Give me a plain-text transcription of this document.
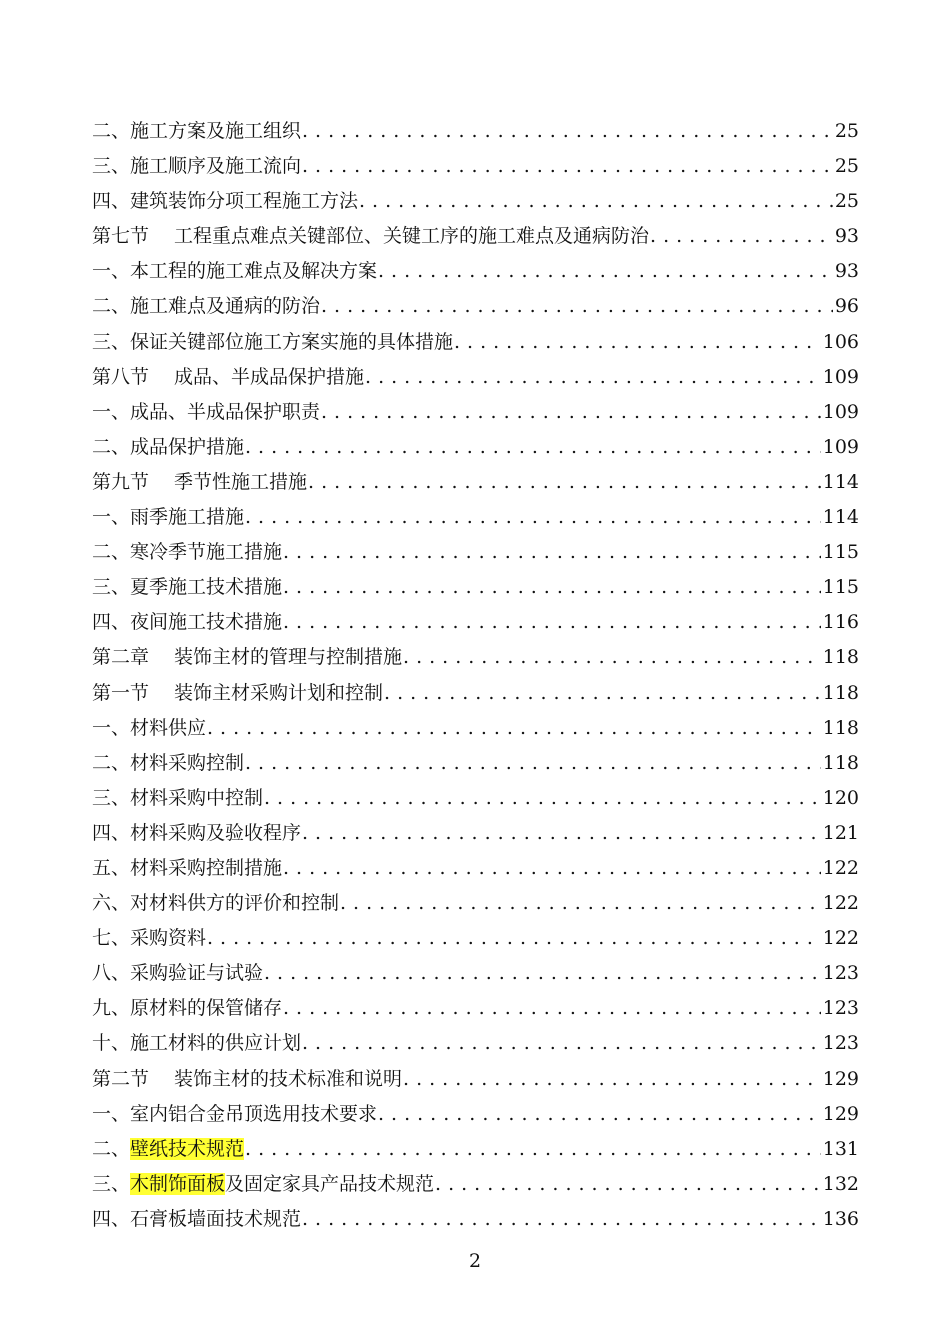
二、施工方案及施工组织 .....	25
三、施工顺序及施工流向 .....	25
四、建筑装饰分项工程施工方法 .....	25
第七节 工程重点难点关键部位、关键工序的施工难点及通病防治 .....	93
一、本工程的施工难点及解决方案 .....	93
二、施工难点及通病的防治 .....	96
三、保证关键部位施工方案实施的具体措施 .....	106
第八节 成品、半成品保护措施 .....	109
一、成品、半成品保护职责 .....	109
二、成品保护措施 .....	109
第九节 季节性施工措施 .....	114
一、雨季施工措施 .....	114
二、寒冷季节施工措施 .....	115
三、夏季施工技术措施 .....	115
四、夜间施工技术措施 .....	116
第二章 装饰主材的管理与控制措施 .....	118
第一节 装饰主材采购计划和控制 .....	118
一、材料供应 .....	118
二、材料采购控制 .....	118
三、材料采购中控制 .....	120
四、材料采购及验收程序 .....	121
五、材料采购控制措施 .....	122
六、对材料供方的评价和控制 .....	122
七、采购资料 .....	122
八、采购验证与试验 .....	123
九、原材料的保管储存 .....	123
十、施工材料的供应计划 .....	123
第二节 装饰主材的技术标准和说明 .....	129
一、室内铝合金吊顶选用技术要求 .....	129
二、壁纸技术规范 .....	131
三、木制饰面板及固定家具产品技术规范 .....	132
四、石膏板墙面技术规范 .....	136
2
